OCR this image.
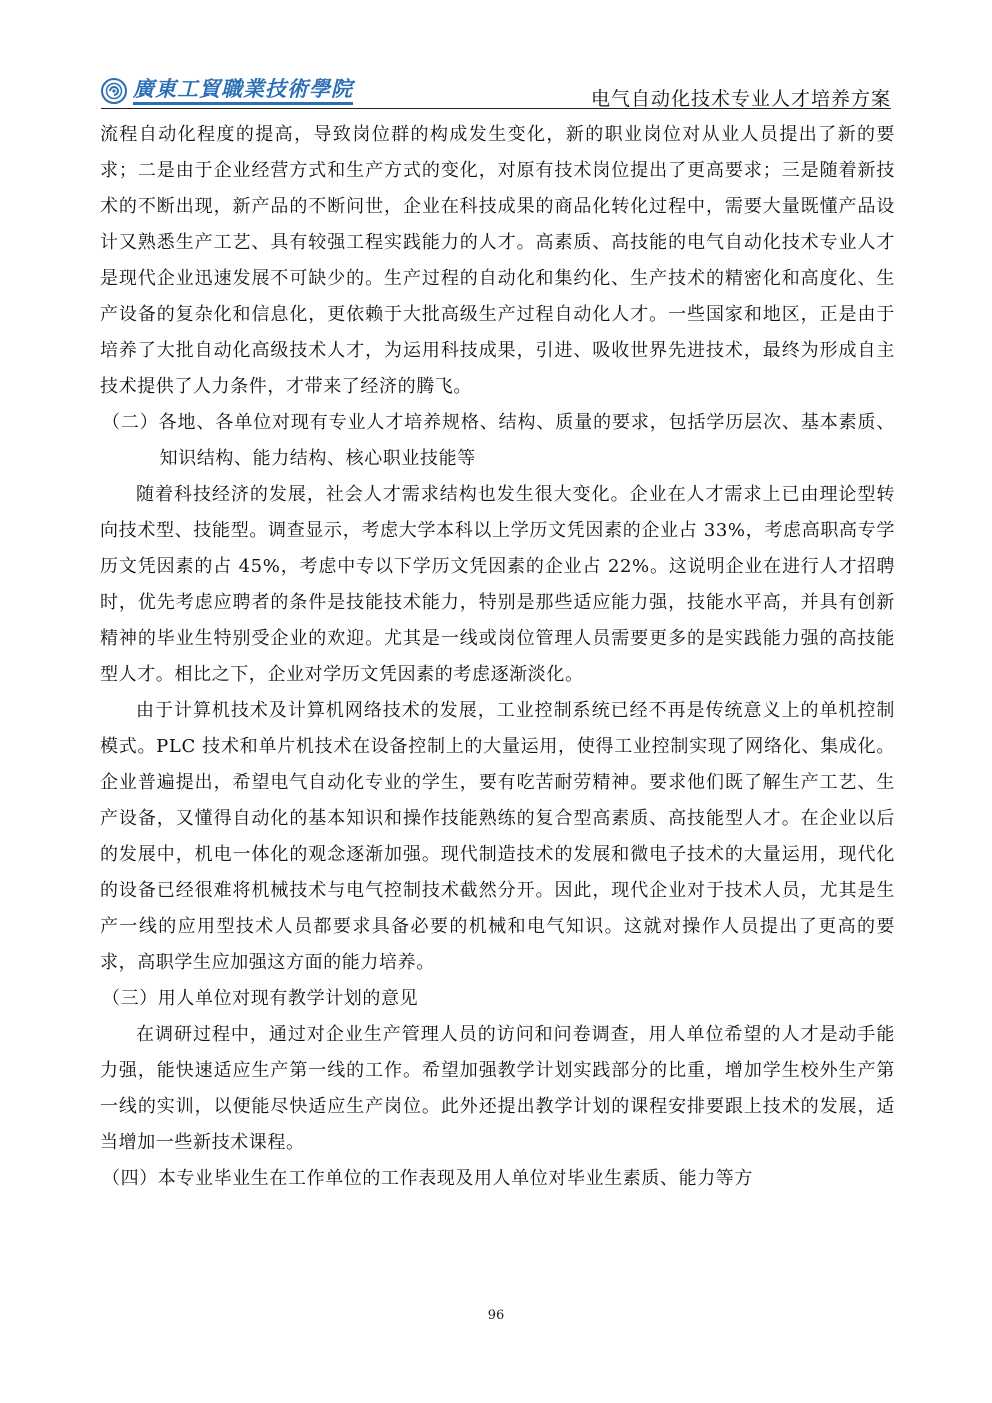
廣東工貿職業技術學院	电气自动化技术专业人才培养方案

流程自动化程度的提高，导致岗位群的构成发生变化，新的职业岗位对从业人员提出了新的要求；二是由于企业经营方式和生产方式的变化，对原有技术岗位提出了更高要求；三是随着新技术的不断出现，新产品的不断问世，企业在科技成果的商品化转化过程中，需要大量既懂产品设计又熟悉生产工艺、具有较强工程实践能力的人才。高素质、高技能的电气自动化技术专业人才是现代企业迅速发展不可缺少的。生产过程的自动化和集约化、生产技术的精密化和高度化、生产设备的复杂化和信息化，更依赖于大批高级生产过程自动化人才。一些国家和地区，正是由于培养了大批自动化高级技术人才，为运用科技成果，引进、吸收世界先进技术，最终为形成自主技术提供了人力条件，才带来了经济的腾飞。

（二）各地、各单位对现有专业人才培养规格、结构、质量的要求，包括学历层次、基本素质、知识结构、能力结构、核心职业技能等

随着科技经济的发展，社会人才需求结构也发生很大变化。企业在人才需求上已由理论型转向技术型、技能型。调查显示，考虑大学本科以上学历文凭因素的企业占 33%，考虑高职高专学历文凭因素的占 45%，考虑中专以下学历文凭因素的企业占 22%。这说明企业在进行人才招聘时，优先考虑应聘者的条件是技能技术能力，特别是那些适应能力强，技能水平高，并具有创新精神的毕业生特别受企业的欢迎。尤其是一线或岗位管理人员需要更多的是实践能力强的高技能型人才。相比之下，企业对学历文凭因素的考虑逐渐淡化。

由于计算机技术及计算机网络技术的发展，工业控制系统已经不再是传统意义上的单机控制模式。PLC 技术和单片机技术在设备控制上的大量运用，使得工业控制实现了网络化、集成化。企业普遍提出，希望电气自动化专业的学生，要有吃苦耐劳精神。要求他们既了解生产工艺、生产设备，又懂得自动化的基本知识和操作技能熟练的复合型高素质、高技能型人才。在企业以后的发展中，机电一体化的观念逐渐加强。现代制造技术的发展和微电子技术的大量运用，现代化的设备已经很难将机械技术与电气控制技术截然分开。因此，现代企业对于技术人员，尤其是生产一线的应用型技术人员都要求具备必要的机械和电气知识。这就对操作人员提出了更高的要求，高职学生应加强这方面的能力培养。

（三）用人单位对现有教学计划的意见

在调研过程中，通过对企业生产管理人员的访问和问卷调查，用人单位希望的人才是动手能力强，能快速适应生产第一线的工作。希望加强教学计划实践部分的比重，增加学生校外生产第一线的实训，以便能尽快适应生产岗位。此外还提出教学计划的课程安排要跟上技术的发展，适当增加一些新技术课程。

（四）本专业毕业生在工作单位的工作表现及用人单位对毕业生素质、能力等方

96
